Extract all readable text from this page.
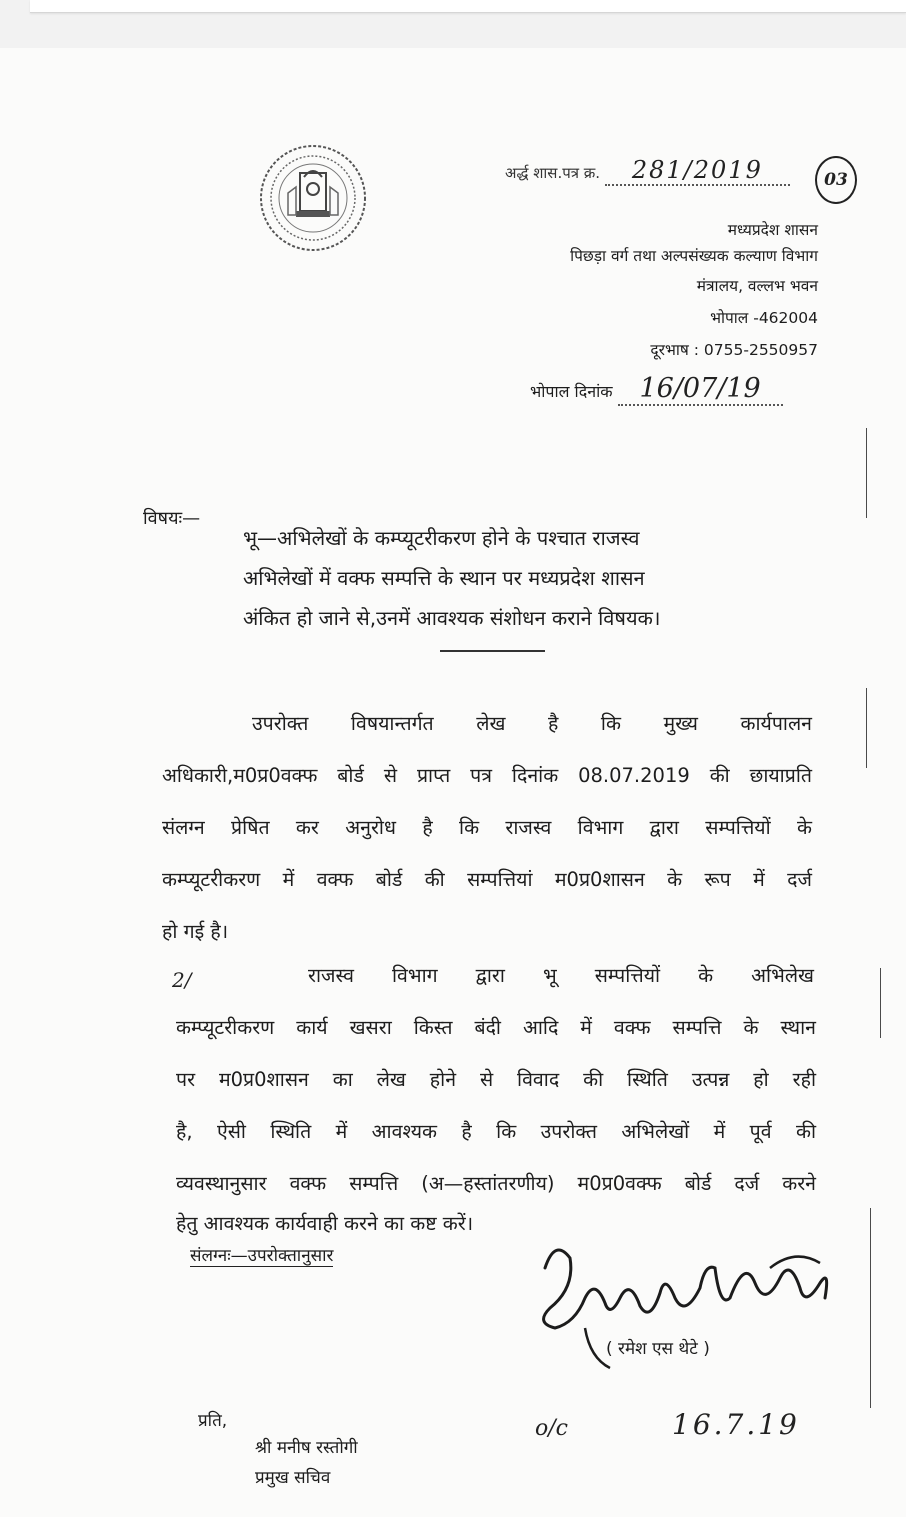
अर्द्ध शास.पत्र क्र. 281/2019	03
मध्यप्रदेश शासन
पिछड़ा वर्ग तथा अल्पसंख्यक कल्याण विभाग
मंत्रालय, वल्लभ भवन
भोपाल -462004
दूरभाष : 0755-2550957
भोपाल दिनांक 16/07/19
विषयः—
भू—अभिलेखों के कम्प्यूटरीकरण होने के पश्चात राजस्व
अभिलेखों में वक्फ सम्पत्ति के स्थान पर मध्यप्रदेश शासन
अंकित हो जाने से,उनमें आवश्यक संशोधन कराने विषयक।
उपरोक्त विषयान्तर्गत लेख है कि मुख्य कार्यपालन
अधिकारी,म0प्र0वक्फ बोर्ड से प्राप्त पत्र दिनांक 08.07.2019 की छायाप्रति
संलग्न प्रेषित कर अनुरोध है कि राजस्व विभाग द्वारा सम्पत्तियों के
कम्प्यूटरीकरण में वक्फ बोर्ड की सम्पत्तियां म0प्र0शासन के रूप में दर्ज
हो गई है।
2/	राजस्व विभाग द्वारा भू सम्पत्तियों के अभिलेख
कम्प्यूटरीकरण कार्य खसरा किस्त बंदी आदि में वक्फ सम्पत्ति के स्थान
पर म0प्र0शासन का लेख होने से विवाद की स्थिति उत्पन्न हो रही
है, ऐसी स्थिति में आवश्यक है कि उपरोक्त अभिलेखों में पूर्व की
व्यवस्थानुसार वक्फ सम्पत्ति (अ—हस्तांतरणीय) म0प्र0वक्फ बोर्ड दर्ज करने
हेतु आवश्यक कार्यवाही करने का कष्ट करें।
संलग्नः—उपरोक्तानुसार
( रमेश एस थेटे )
प्रति,
श्री मनीष रस्तोगी
प्रमुख सचिव
o/c	16.7.19
